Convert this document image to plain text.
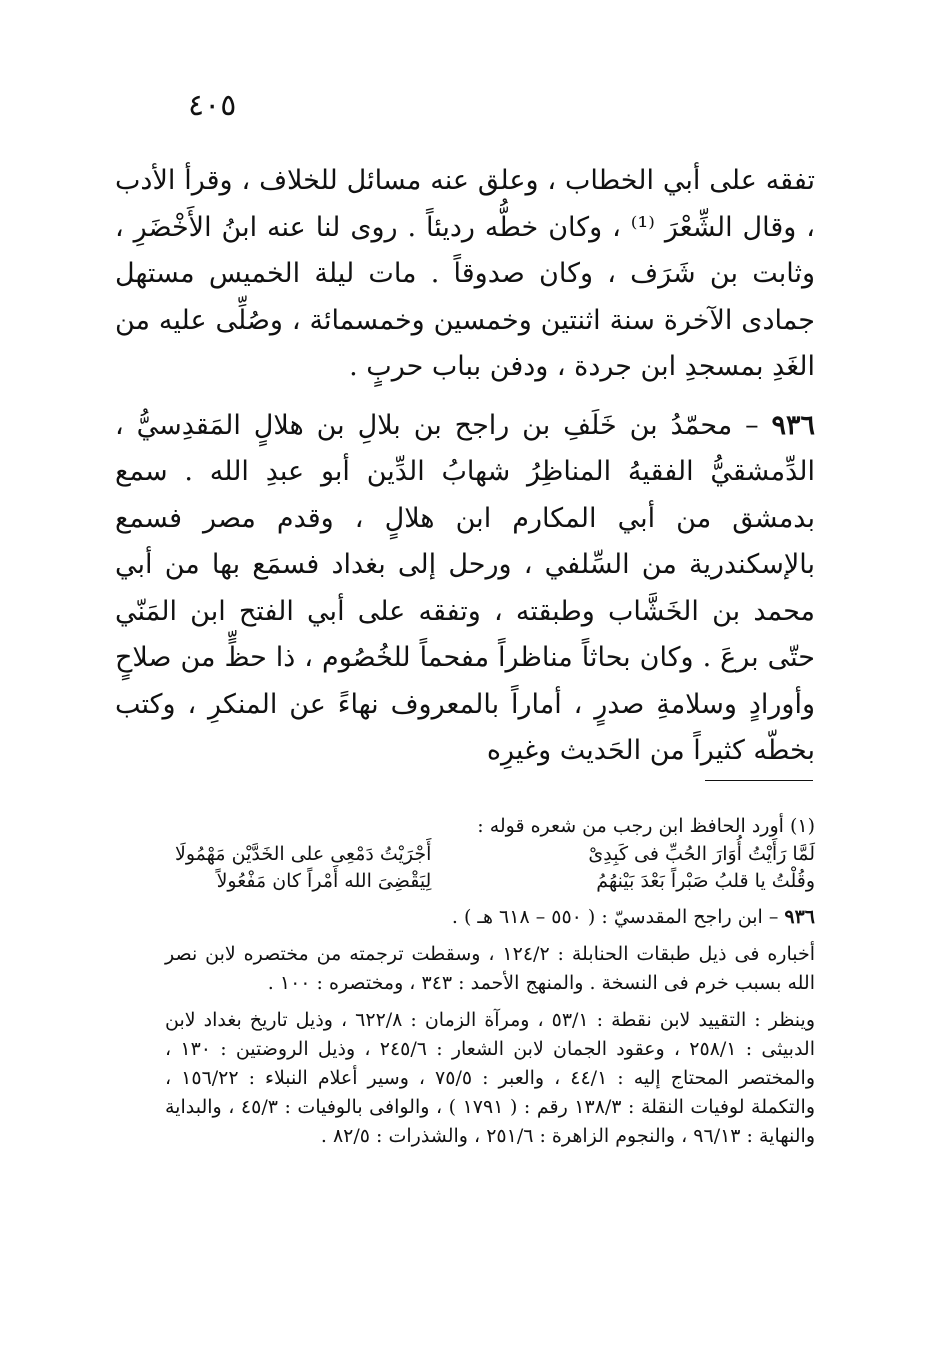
٤٠٥

تفقه على أبي الخطاب ، وعلق عنه مسائل للخلاف ، وقرأ الأدب ، وقال الشِّعْرَ ⁽¹⁾ ، وكان خطُّه رديئاً . روى لنا عنه ابنُ الأَخْضَرِ ، وثابت بن شَرَف ، وكان صدوقاً . مات ليلة الخميس مستهل جمادى الآخرة سنة اثنتين وخمسين وخمسمائة ، وصُلِّى عليه من الغَدِ بمسجدِ ابن جردة ، ودفن بباب حربٍ .

٩٣٦ – محمّدُ بن خَلَفِ بن راجح بن بلالِ بن هلالٍ المَقدِسيُّ ، الدِّمشقيُّ الفقيهُ المناظِرُ شهابُ الدِّين أبو عبدِ الله . سمع بدمشق من أبي المكارم ابن هلالٍ ، وقدم مصر فسمع بالإسكندرية من السِّلفي ، ورحل إلى بغداد فسمَع بها من أبي محمد بن الخَشَّاب وطبقته ، وتفقه على أبي الفتح ابن المَنّي حتّى برعَ . وكان بحاثاً مناظراً مفحماً للخُصُوم ، ذا حظٍّ من صلاحٍ وأورادٍ وسلامةِ صدرٍ ، أماراً بالمعروف نهاءً عن المنكرِ ، وكتب بخطّه كثيراً من الحَديث وغيرِه

(١) أورد الحافظ ابن رجب من شعره قوله :

لَمَّا رَأَيْتُ أُوَارَ الحُبِّ فى كَبِدِىْ
وقُلْتُ يا قلبُ صَبْراً بَعْدَ بَيْنهُمُ
أَجْرَيْتُ دَمْعِى على الخَدَّيْن مَهْمُولَا
لِيَقْضِىَ الله أَمْراً كان مَفْعُولاً

٩٣٦ – ابن راجح المقدسيّ : ( ٥٥٠ – ٦١٨ هـ ) .

أخباره فى ذيل طبقات الحنابلة : ١٢٤/٢ ، وسقطت ترجمته من مختصره لابن نصر الله بسبب خرم فى النسخة . والمنهج الأحمد : ٣٤٣ ، ومختصره : ١٠٠ .

وينظر : التقييد لابن نقطة : ٥٣/١ ، ومرآة الزمان : ٦٢٢/٨ ، وذيل تاريخ بغداد لابن الدبيثى : ٢٥٨/١ ، وعقود الجمان لابن الشعار : ٢٤٥/٦ ، وذيل الروضتين : ١٣٠ ، والمختصر المحتاج إليه : ٤٤/١ ، والعبر : ٧٥/٥ ، وسير أعلام النبلاء : ١٥٦/٢٢ ، والتكملة لوفيات النقلة : ١٣٨/٣ رقم : ( ١٧٩١ ) ، والوافى بالوفيات : ٤٥/٣ ، والبداية والنهاية : ٩٦/١٣ ، والنجوم الزاهرة : ٢٥١/٦ ، والشذرات : ٨٢/٥ .
